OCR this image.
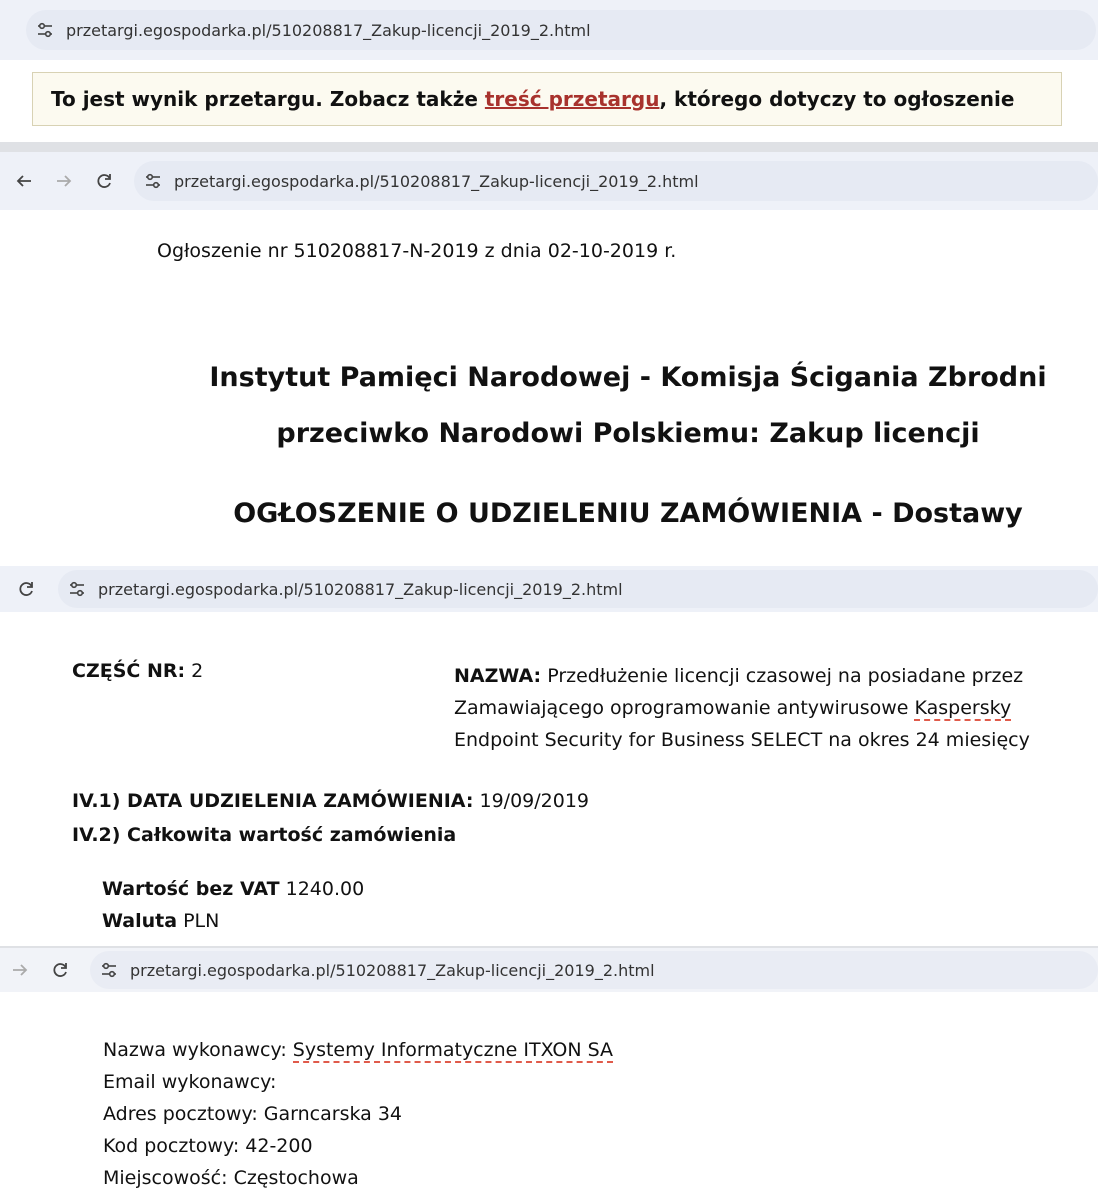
przetargi.egospodarka.pl/510208817_Zakup-licencji_2019_2.html
To jest wynik przetargu. Zobacz także treść przetargu , którego dotyczy to ogłoszenie
przetargi.egospodarka.pl/510208817_Zakup-licencji_2019_2.html
Ogłoszenie nr 510208817-N-2019 z dnia 02-10-2019 r.
Instytut Pamięci Narodowej - Komisja Ścigania Zbrodni
przeciwko Narodowi Polskiemu: Zakup licencji
OGŁOSZENIE O UDZIELENIU ZAMÓWIENIA - Dostawy
przetargi.egospodarka.pl/510208817_Zakup-licencji_2019_2.html
CZĘŚĆ NR: 2	NAZWA: Przedłużenie licencji czasowej na posiadane przez
Zamawiającego oprogramowanie antywirusowe Kaspersky
Endpoint Security for Business SELECT na okres 24 miesięcy
IV.1) DATA UDZIELENIA ZAMÓWIENIA: 19/09/2019
IV.2) Całkowita wartość zamówienia
Wartość bez VAT 1240.00
Waluta PLN
przetargi.egospodarka.pl/510208817_Zakup-licencji_2019_2.html
Nazwa wykonawcy: Systemy Informatyczne ITXON SA
Email wykonawcy:
Adres pocztowy: Garncarska 34
Kod pocztowy: 42-200
Miejscowość: Częstochowa
